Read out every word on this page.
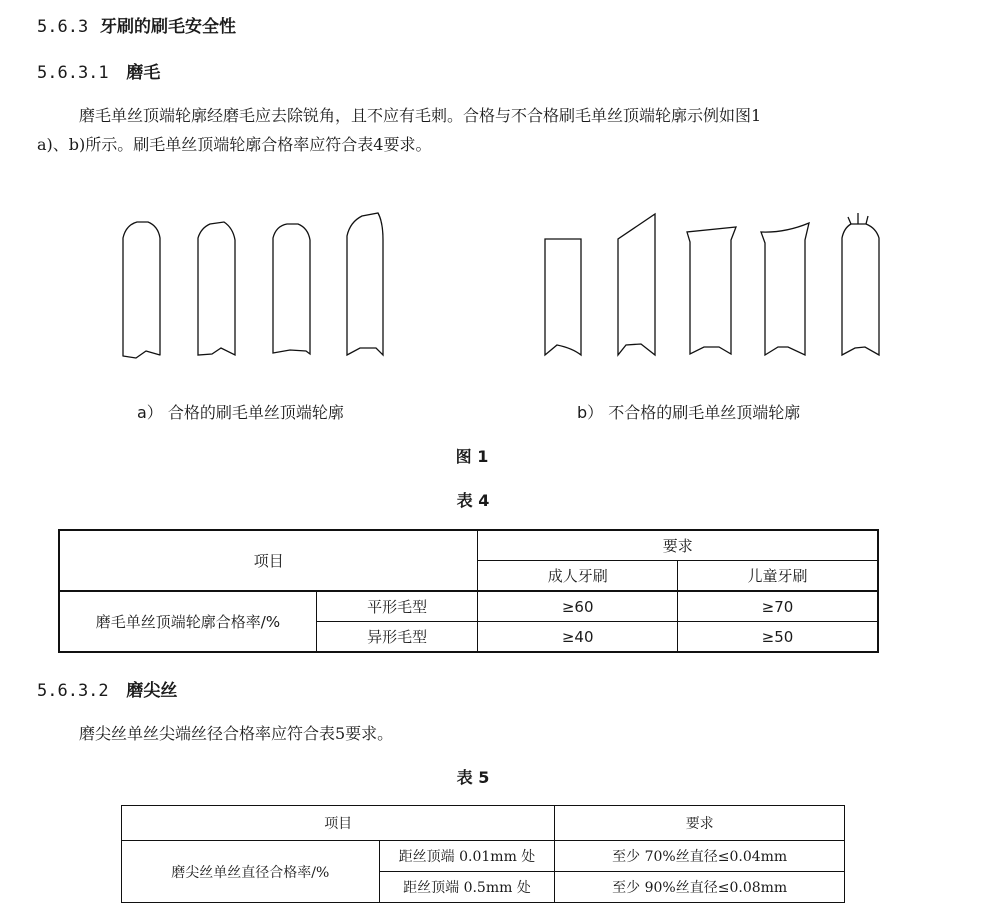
5.6.3 牙刷的刷毛安全性
5.6.3.1 磨毛
磨毛单丝顶端轮廓经磨毛应去除锐角，且不应有毛刺。合格与不合格刷毛单丝顶端轮廓示例如图1
a)、b)所示。刷毛单丝顶端轮廓合格率应符合表4要求。
a） 合格的刷毛单丝顶端轮廓	b） 不合格的刷毛单丝顶端轮廓
图 1
表 4
项目		要求	
		成人牙刷	儿童牙刷
磨毛单丝顶端轮廓合格率/%	平形毛型	≥60	≥70
	异形毛型	≥40	≥50
5.6.3.2 磨尖丝
磨尖丝单丝尖端丝径合格率应符合表5要求。
表 5
项目		要求
磨尖丝单丝直径合格率/%	距丝顶端 0.01mm 处	至少 70%丝直径≤0.04mm
	距丝顶端 0.5mm 处	至少 90%丝直径≤0.08mm
